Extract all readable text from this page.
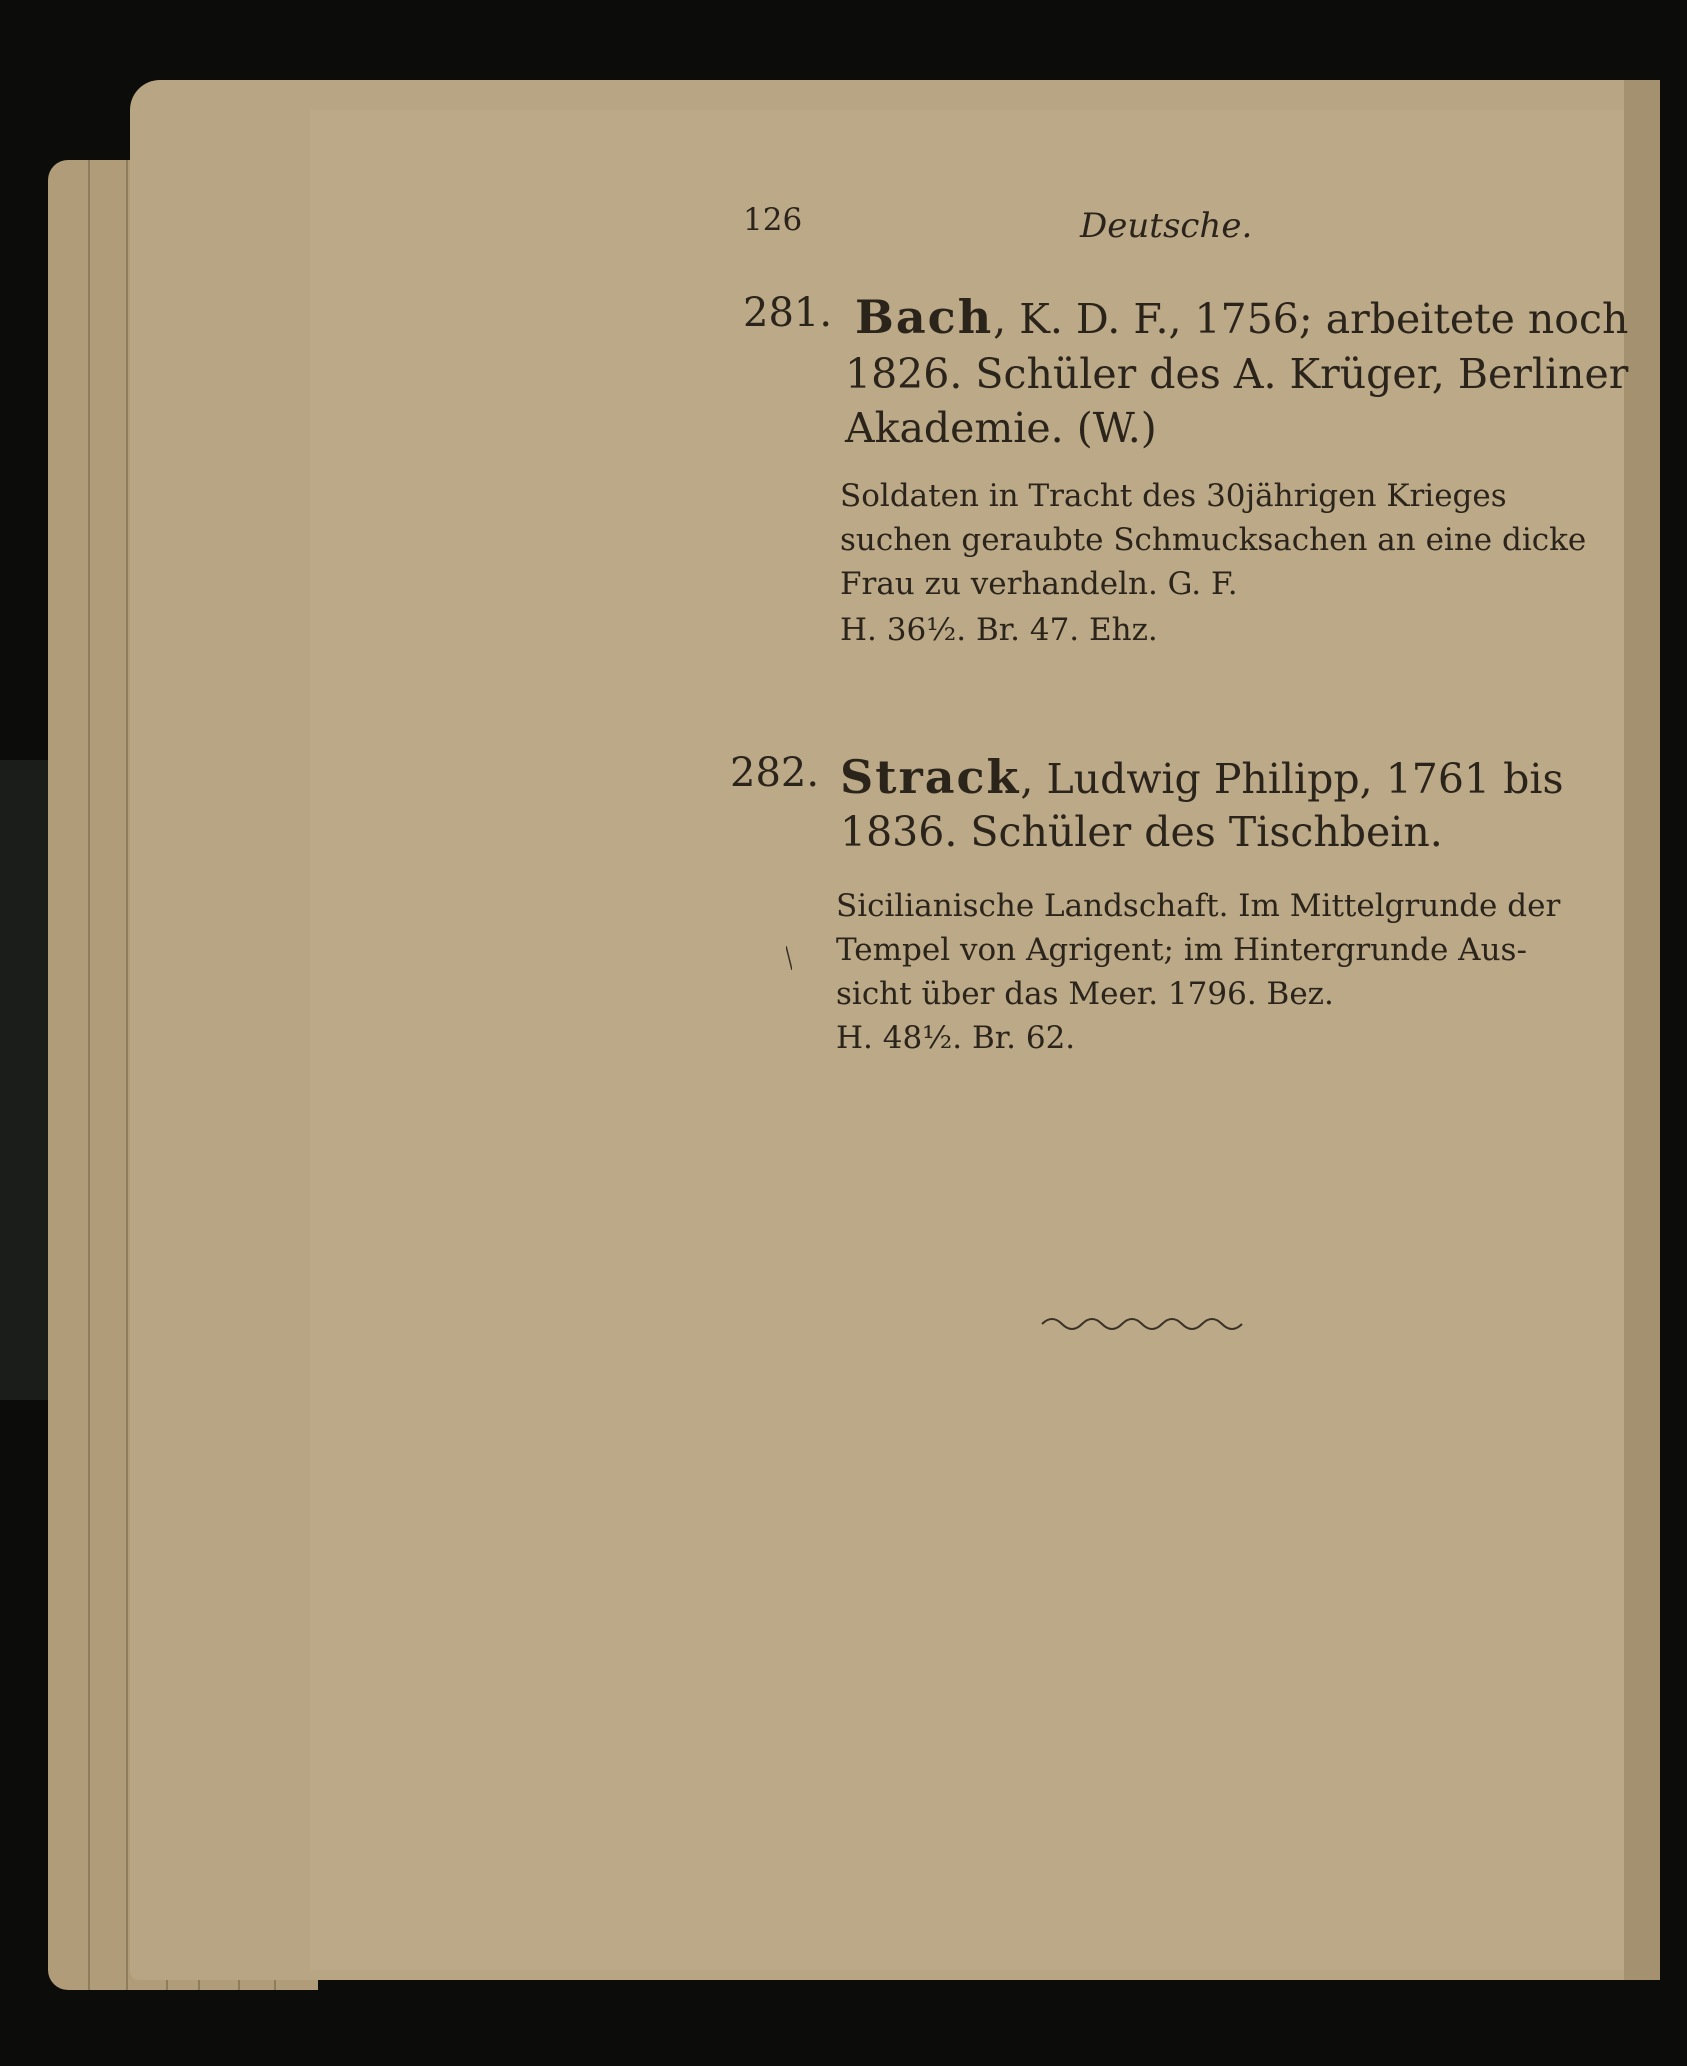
126	Deutsche.
281. Bach, K. D. F., 1756; arbeitete noch
1826. Schüler des A. Krüger, Berliner
Akademie. (W.)
Soldaten in Tracht des 30jährigen Krieges
suchen geraubte Schmucksachen an eine dicke
Frau zu verhandeln. G. F.
H. 36½. Br. 47. Ehz.
282. Strack, Ludwig Philipp, 1761 bis
1836. Schüler des Tischbein.
Sicilianische Landschaft. Im Mittelgrunde der
Tempel von Agrigent; im Hintergrunde Aus-
sicht über das Meer. 1796. Bez.
H. 48½. Br. 62.
